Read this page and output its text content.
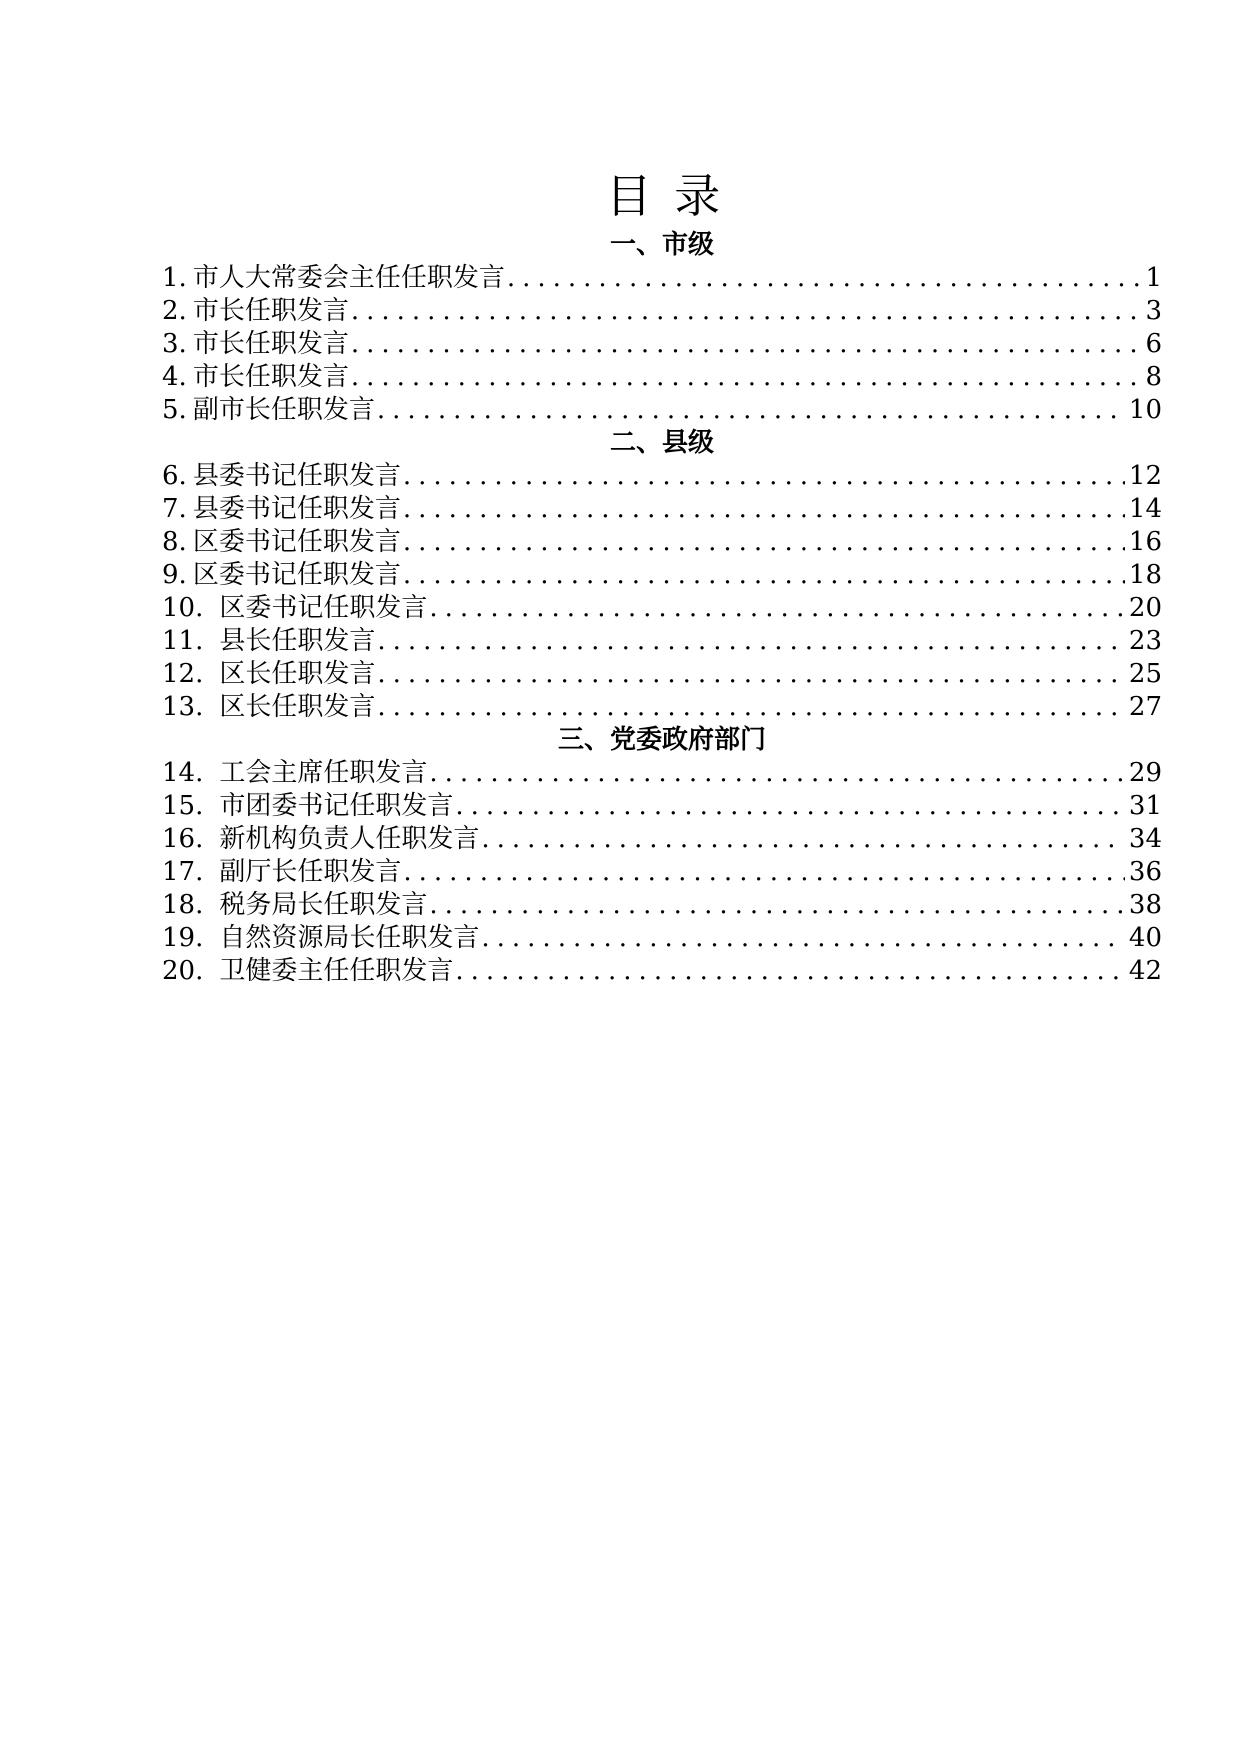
目 录
一、市级
1. 市人大常委会主任任职发言 .....	1
2. 市长任职发言 .....	3
3. 市长任职发言 .....	6
4. 市长任职发言 .....	8
5. 副市长任职发言 .....	10
二、县级
6. 县委书记任职发言 .....	12
7. 县委书记任职发言 .....	14
8. 区委书记任职发言 .....	16
9. 区委书记任职发言 .....	18
10. 区委书记任职发言 .....	20
11. 县长任职发言 .....	23
12. 区长任职发言 .....	25
13. 区长任职发言 .....	27
三、党委政府部门
14. 工会主席任职发言 .....	29
15. 市团委书记任职发言 .....	31
16. 新机构负责人任职发言 .....	34
17. 副厅长任职发言 .....	36
18. 税务局长任职发言 .....	38
19. 自然资源局长任职发言 .....	40
20. 卫健委主任任职发言 .....	42
